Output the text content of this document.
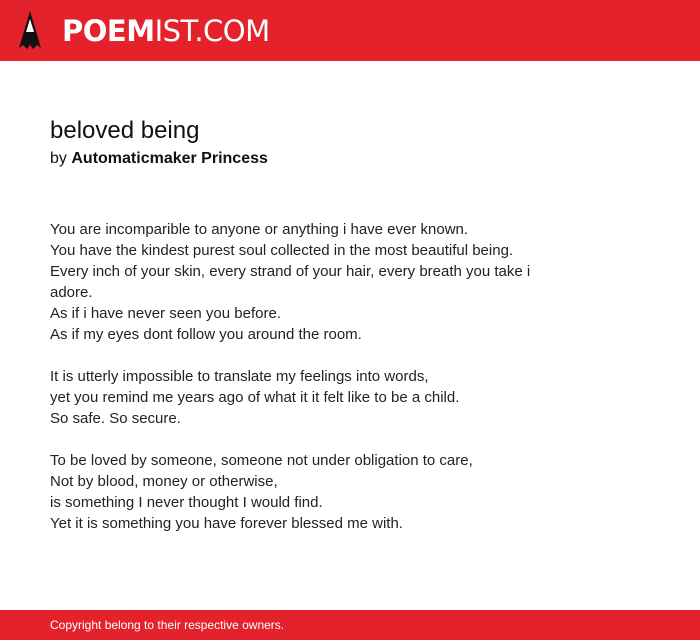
POEMIST.COM
beloved being
by Automaticmaker Princess

You are incomparible to anyone or anything i have ever known.
You have the kindest purest soul collected in the most beautiful being.
Every inch of your skin, every strand of your hair, every breath you take i
adore.
As if i have never seen you before.
As if my eyes dont follow you around the room.

It is utterly impossible to translate my feelings into words,
yet you remind me years ago of what it it felt like to be a child.
So safe. So secure.

To be loved by someone, someone not under obligation to care,
Not by blood, money or otherwise,
is something I never thought I would find.
Yet it is something you have forever blessed me with.

Copyright belong to their respective owners.
